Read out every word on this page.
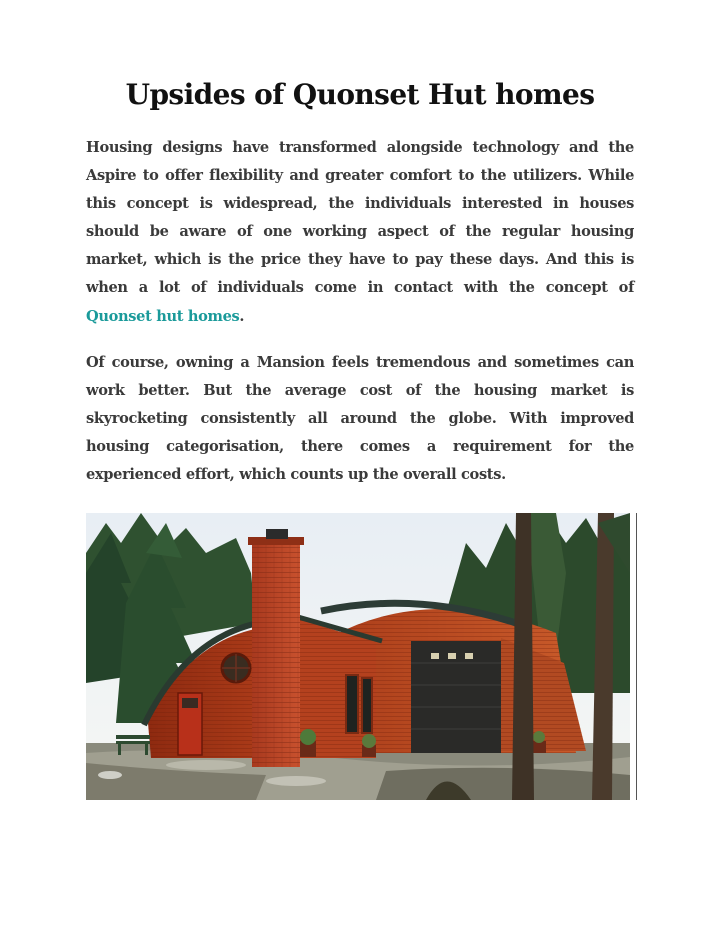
Upsides of Quonset Hut homes

Housing designs have transformed alongside technology and the Aspire to offer flexibility and greater comfort to the utilizers. While this concept is widespread, the individuals interested in houses should be aware of one working aspect of the regular housing market, which is the price they have to pay these days. And this is when a lot of individuals come in contact with the concept of Quonset hut homes.

Of course, owning a Mansion feels tremendous and sometimes can work better. But the average cost of the housing market is skyrocketing consistently all around the globe. With improved housing categorisation, there comes a requirement for the experienced effort, which counts up the overall costs.
